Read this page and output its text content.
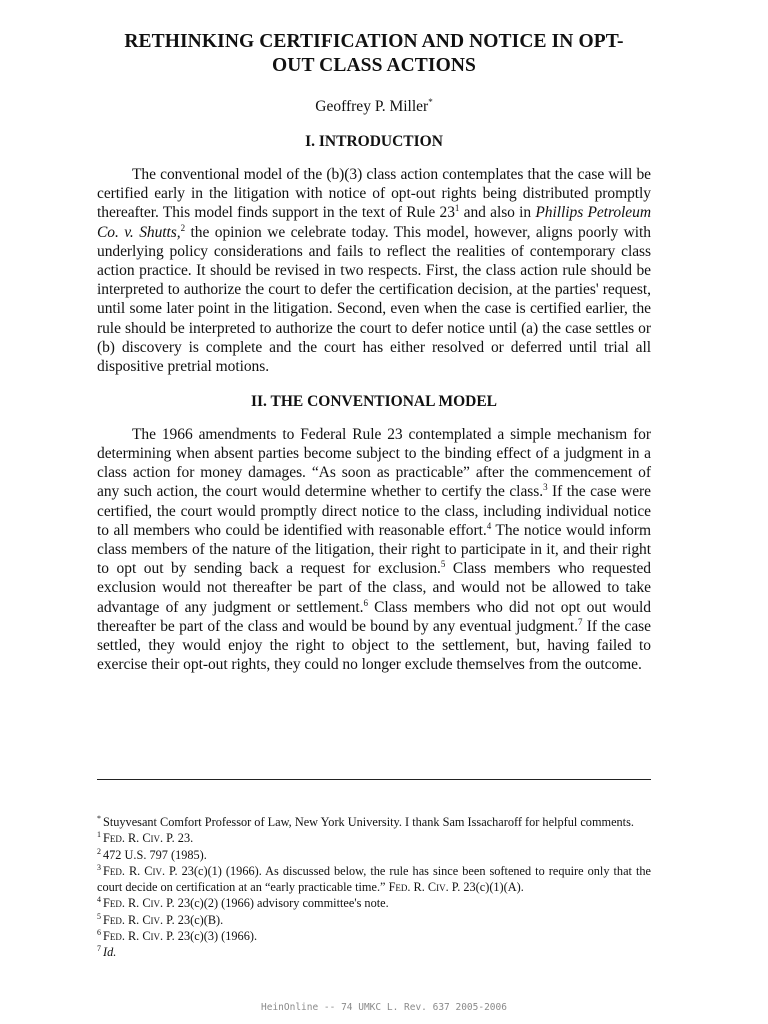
RETHINKING CERTIFICATION AND NOTICE IN OPT-
OUT CLASS ACTIONS
Geoffrey P. Miller*
I. INTRODUCTION

The conventional model of the (b)(3) class action contemplates that the case will be certified early in the litigation with notice of opt-out rights being distributed promptly thereafter. This model finds support in the text of Rule $23^1$ and also in Phillips Petroleum Co. v. Shutts,$^2$ the opinion we celebrate today. This model, however, aligns poorly with underlying policy considerations and fails to reflect the realities of contemporary class action practice. It should be revised in two respects. First, the class action rule should be interpreted to authorize the court to defer the certification decision, at the parties' request, until some later point in the litigation. Second, even when the case is certified earlier, the rule should be interpreted to authorize the court to defer notice until (a) the case settles or (b) discovery is complete and the court has either resolved or deferred until trial all dispositive pretrial motions.

II. THE CONVENTIONAL MODEL

The 1966 amendments to Federal Rule 23 contemplated a simple mechanism for determining when absent parties become subject to the binding effect of a judgment in a class action for money damages. “As soon as practicable” after the commencement of any such action, the court would determine whether to certify the class.$^3$ If the case were certified, the court would promptly direct notice to the class, including individual notice to all members who could be identified with reasonable effort.$^4$ The notice would inform class members of the nature of the litigation, their right to participate in it, and their right to opt out by sending back a request for exclusion.$^5$ Class members who requested exclusion would not thereafter be part of the class, and would not be allowed to take advantage of any judgment or settlement.$^6$ Class members who did not opt out would thereafter be part of the class and would be bound by any eventual judgment.$^7$ If the case settled, they would enjoy the right to object to the settlement, but, having failed to exercise their opt-out rights, they could no longer exclude themselves from the outcome.

* Stuyvesant Comfort Professor of Law, New York University. I thank Sam Issacharoff for helpful comments.

$^1$ Fed. R. Civ. P. 23.

$^2$ 472 U.S. 797 (1985).

$^3$ Fed. R. Civ. P. 23(c)(1) (1966). As discussed below, the rule has since been softened to require only that the court decide on certification at an “early practicable time.” Fed. R. Civ. P. 23(c)(1)(A).

$^4$ Fed. R. Civ. P. 23(c)(2) (1966) advisory committee's note.

$^5$ Fed. R. Civ. P. 23(c)(B).

$^6$ Fed. R. Civ. P. 23(c)(3) (1966).

$^7$ Id.

HeinOnline -- 74 UMKC L. Rev. 637 2005-2006
